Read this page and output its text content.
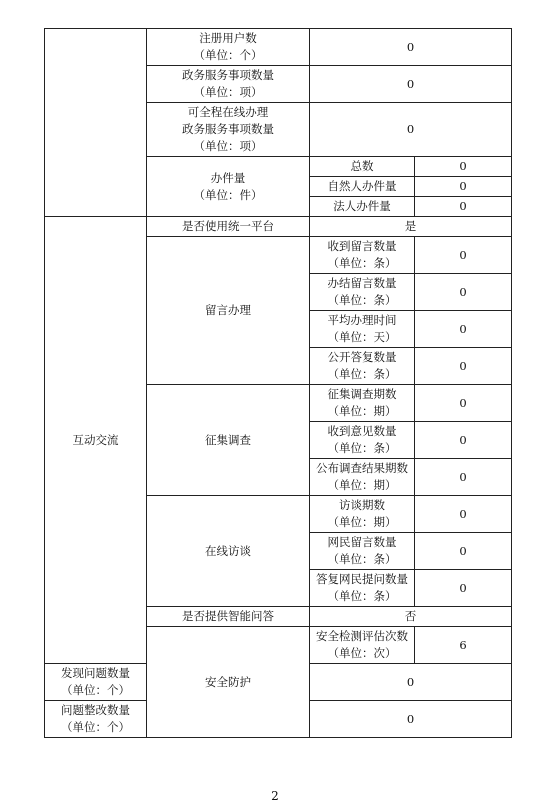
	注册用户数
（单位：个）	0	

	政务服务事项数量
（单位：项）	0	

	可全程在线办理
政务服务事项数量
（单位：项）	0	

	办件量
（单位：件）	总数	0
		自然人办件量	0
		法人办件量	0
互动交流	是否使用统一平台	是	
	留言办理	收到留言数量
（单位：条）	0

		办结留言数量
（单位：条）	0

		平均办理时间
（单位：天）	0

		公开答复数量
（单位：条）	0
	征集调查	征集调查期数
（单位：期）	0

		收到意见数量
（单位：条）	0

		公布调查结果期数
（单位：期）	0
	在线访谈	访谈期数
（单位：期）	0

		网民留言数量
（单位：条）	0

		答复网民提问数量
（单位：条）	0
	是否提供智能问答	否	
	安全防护	安全检测评估次数
（单位：次）	6

发现问题数量
（单位：个）		0	

问题整改数量
（单位：个）		0	
2
